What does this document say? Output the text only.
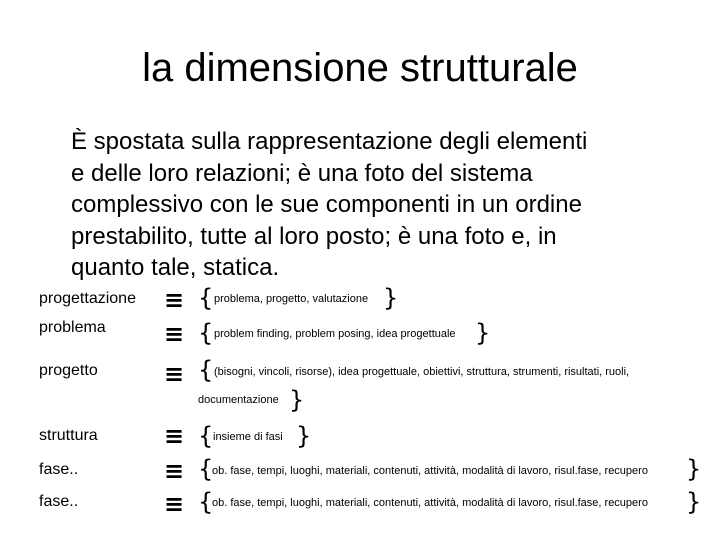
la dimensione strutturale
È spostata sulla rappresentazione degli elementi
e delle loro relazioni; è una foto del sistema
complessivo con le sue componenti in un ordine
prestabilito, tutte al loro posto; è una foto e, in
quanto tale, statica.
progettazione ≡ { problema, progetto, valutazione }
problema ≡ { problem finding, problem posing, idea progettuale }
progetto	≡ { (bisogni, vincoli, risorse), idea progettuale, obiettivi, struttura, strumenti, risultati, ruoli,
documentazione }
struttura	≡ { insieme di fasi }
fase..	≡ {
ob. fase, tempi, luoghi, materiali, contenuti, attività, modalità di lavoro, risul.fase, recupero }
fase..	≡ {
ob. fase, tempi, luoghi, materiali, contenuti, attività, modalità di lavoro, risul.fase, recupero }
